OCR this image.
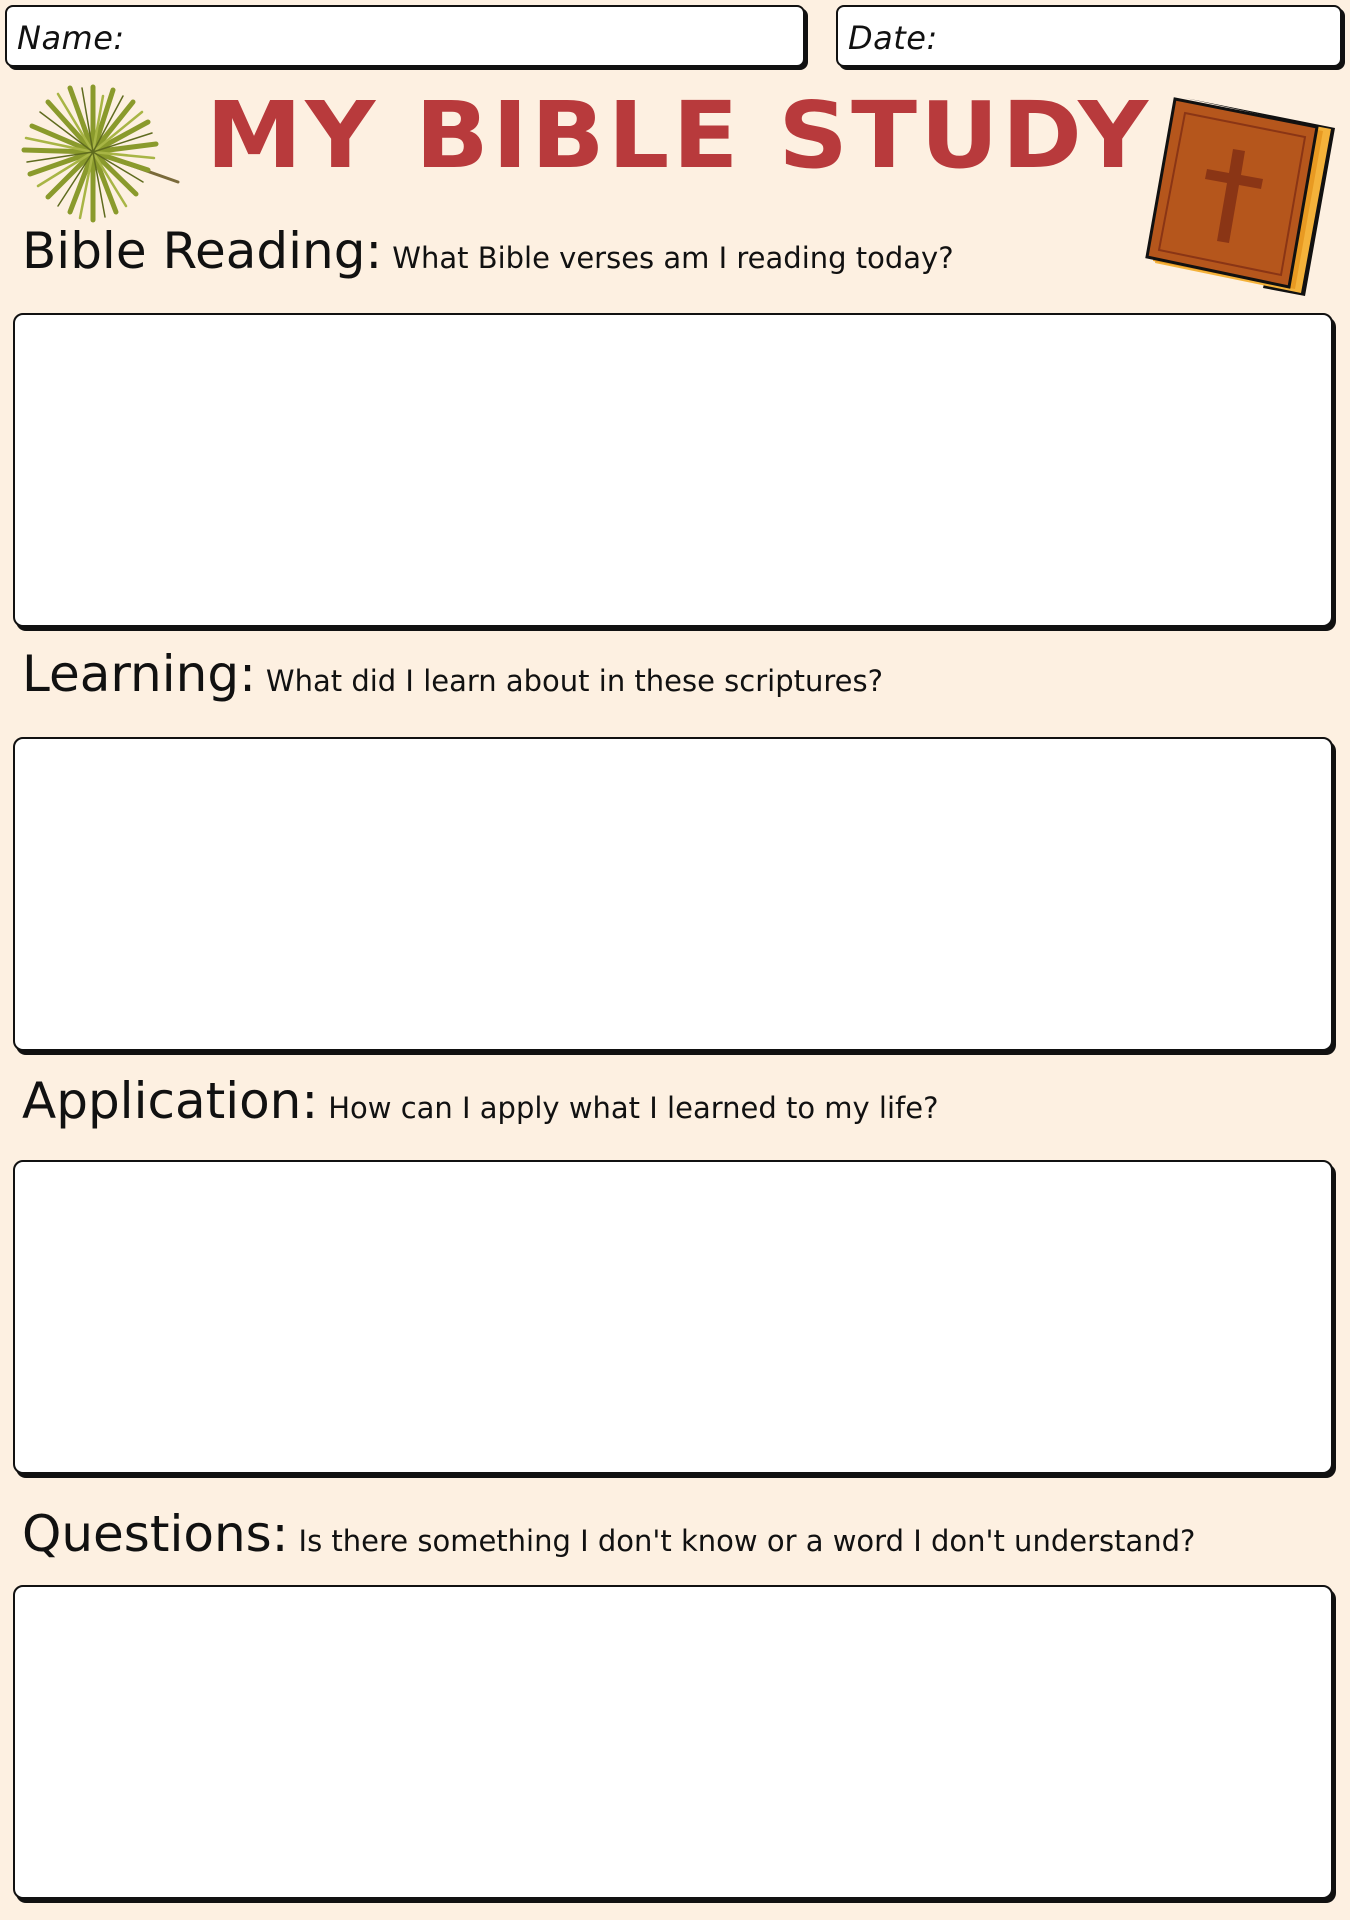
Name:	Date:
MY BIBLE STUDY
Bible Reading: What Bible verses am I reading today?
Learning: What did I learn about in these scriptures?
Application: How can I apply what I learned to my life?
Questions: Is there something I don't know or a word I don't understand?
